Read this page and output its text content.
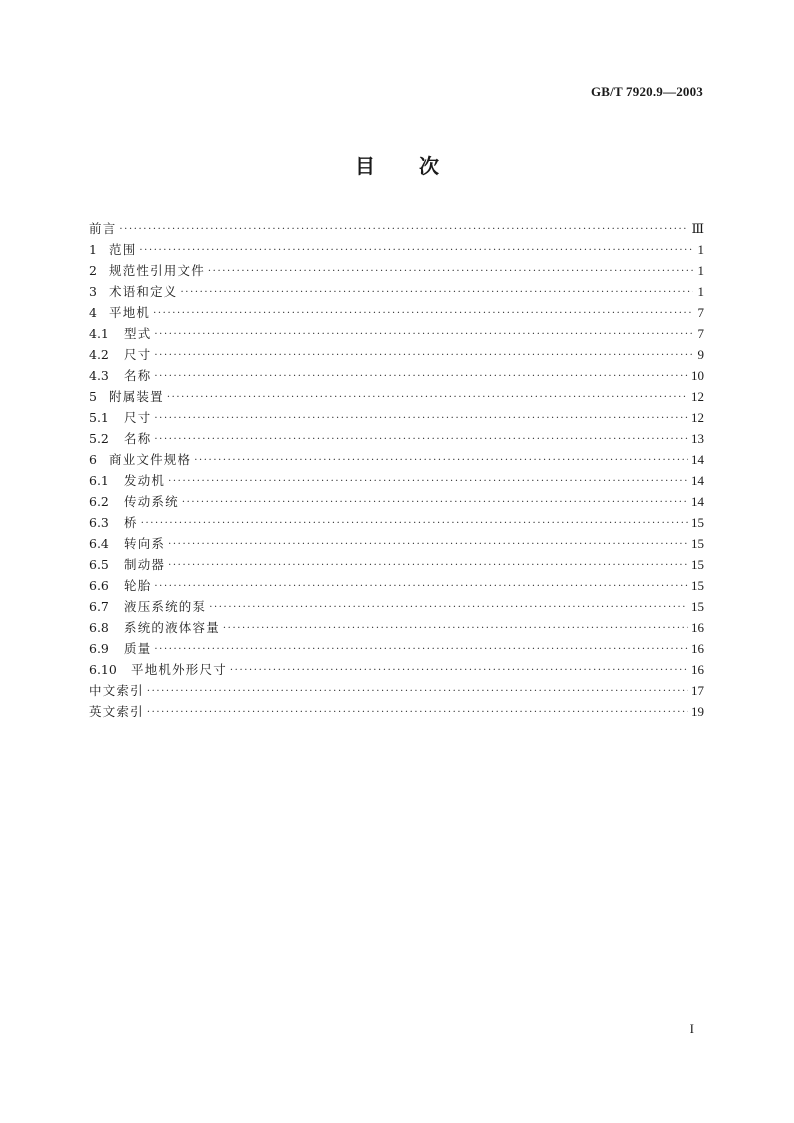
GB/T 7920.9—2003
目 次
前言 ·····	Ⅲ
1 范围 ·····	1
2 规范性引用文件 ·····	1
3 术语和定义 ·····	1
4 平地机 ·····	7
4.1	型式 ·····	7
4.2	尺寸 ·····	9
4.3	名称 ·····	10
5 附属装置 ·····	12
5.1	尺寸 ·····	12
5.2	名称 ·····	13
6 商业文件规格 ·····	14
6.1	发动机 ·····	14
6.2	传动系统 ·····	14
6.3	桥 ·····	15
6.4	转向系 ·····	15
6.5	制动器 ·····	15
6.6	轮胎 ·····	15
6.7	液压系统的泵 ·····	15
6.8	系统的液体容量 ·····	16
6.9	质量 ·····	16
6.10	平地机外形尺寸 ·····	16
中文索引 ·····	17
英文索引 ·····	19
I
